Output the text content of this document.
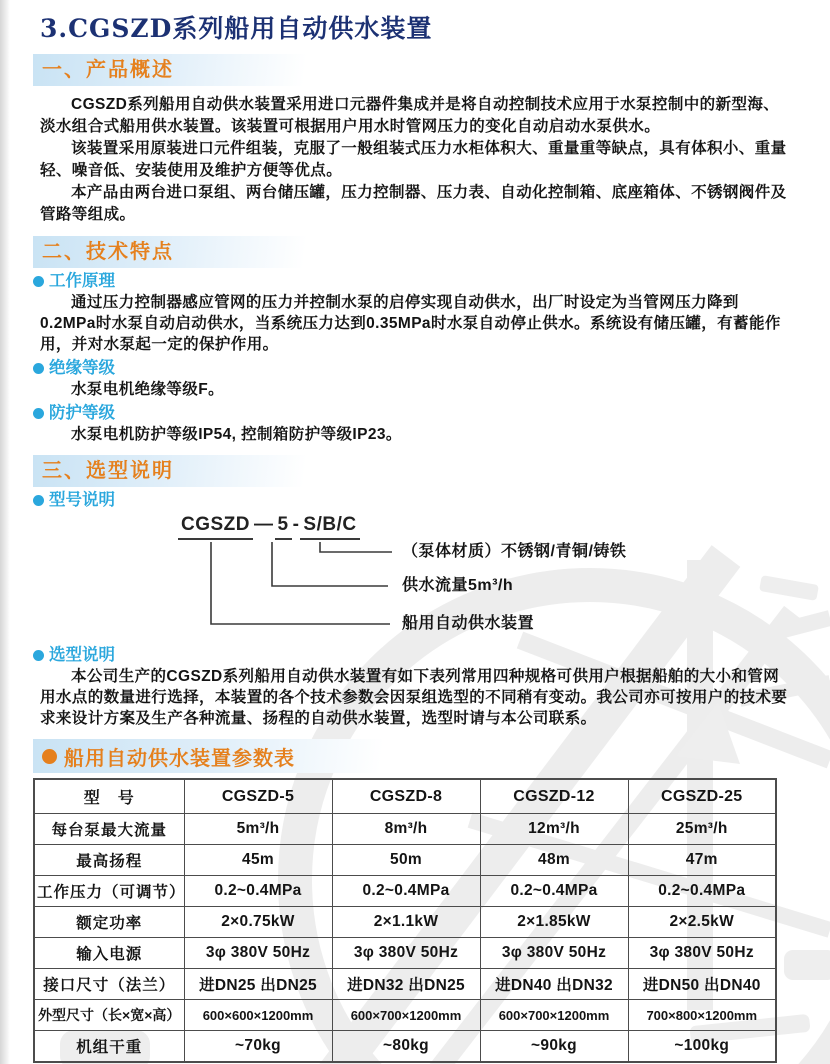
3.CGSZD系列船用自动供水装置
一、产品概述

CGSZD系列船用自动供水装置采用进口元器件集成并是将自动控制技术应用于水泵控制中的新型海、淡水组合式船用供水装置。该装置可根据用户用水时管网压力的变化自动启动水泵供水。

该装置采用原装进口元件组装，克服了一般组装式压力水柜体积大、重量重等缺点，具有体积小、重量轻、噪音低、安装使用及维护方便等优点。

本产品由两台进口泵组、两台储压罐，压力控制器、压力表、自动化控制箱、底座箱体、不锈钢阀件及管路等组成。

二、技术特点
工作原理

通过压力控制器感应管网的压力并控制水泵的启停实现自动供水，出厂时设定为当管网压力降到0.2MPa时水泵自动启动供水，当系统压力达到0.35MPa时水泵自动停止供水。系统设有储压罐，有蓄能作用，并对水泵起一定的保护作用。

绝缘等级

水泵电机绝缘等级F。

防护等级

水泵电机防护等级IP54, 控制箱防护等级IP23。

三、选型说明
型号说明
CGSZD — 5 - S/B/C
（泵体材质）不锈钢/青铜/铸铁
供水流量5m³/h
船用自动供水装置
选型说明

本公司生产的CGSZD系列船用自动供水装置有如下表列常用四种规格可供用户根据船舶的大小和管网用水点的数量进行选择，本装置的各个技术参数会因泵组选型的不同稍有变动。我公司亦可按用户的技术要求来设计方案及生产各种流量、扬程的自动供水装置，选型时请与本公司联系。

船用自动供水装置参数表
型　号	CGSZD-5	CGSZD-8	CGSZD-12	CGSZD-25
每台泵最大流量	5m³/h	8m³/h	12m³/h	25m³/h
最高扬程	45m	50m	48m	47m
工作压力（可调节）	0.2~0.4MPa	0.2~0.4MPa	0.2~0.4MPa	0.2~0.4MPa
额定功率	2×0.75kW	2×1.1kW	2×1.85kW	2×2.5kW
输入电源	3φ 380V 50Hz	3φ 380V 50Hz	3φ 380V 50Hz	3φ 380V 50Hz
接口尺寸（法兰）	进DN25 出DN25	进DN32 出DN25	进DN40 出DN32	进DN50 出DN40
外型尺寸（长×宽×高）	600×600×1200mm	600×700×1200mm	600×700×1200mm	700×800×1200mm
机组干重	~70kg	~80kg	~90kg	~100kg
